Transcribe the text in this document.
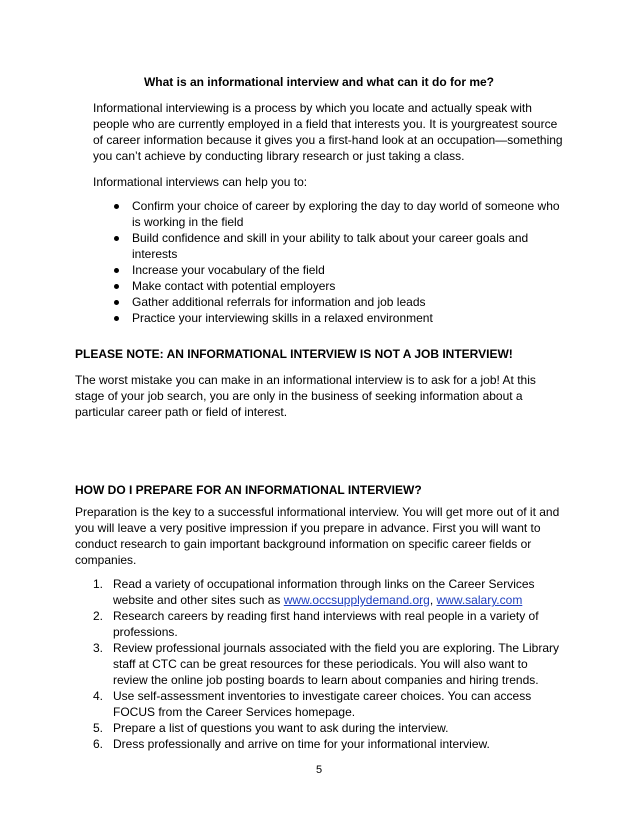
What is an informational interview and what can it do for me?

Informational interviewing is a process by which you locate and actually speak with people who are currently employed in a field that interests you. It is yourgreatest source of career information because it gives you a first-hand look at an occupation—something you can’t achieve by conducting library research or just taking a class.

Informational interviews can help you to:

Confirm your choice of career by exploring the day to day world of someone who is working in the field
Build confidence and skill in your ability to talk about your career goals and interests
Increase your vocabulary of the field
Make contact with potential employers
Gather additional referrals for information and job leads
Practice your interviewing skills in a relaxed environment

PLEASE NOTE: AN INFORMATIONAL INTERVIEW IS NOT A JOB INTERVIEW!

The worst mistake you can make in an informational interview is to ask for a job! At this stage of your job search, you are only in the business of seeking information about a particular career path or field of interest.

HOW DO I PREPARE FOR AN INFORMATIONAL INTERVIEW?

Preparation is the key to a successful informational interview. You will get more out of it and you will leave a very positive impression if you prepare in advance. First you will want to conduct research to gain important background information on specific career fields or companies.

1. Read a variety of occupational information through links on the Career Services website and other sites such as www.occsupplydemand.org, www.salary.com
2. Research careers by reading first hand interviews with real people in a variety of professions.
3. Review professional journals associated with the field you are exploring. The Library staff at CTC can be great resources for these periodicals. You will also want to review the online job posting boards to learn about companies and hiring trends.
4. Use self-assessment inventories to investigate career choices. You can access FOCUS from the Career Services homepage.
5. Prepare a list of questions you want to ask during the interview.
6. Dress professionally and arrive on time for your informational interview.
5
